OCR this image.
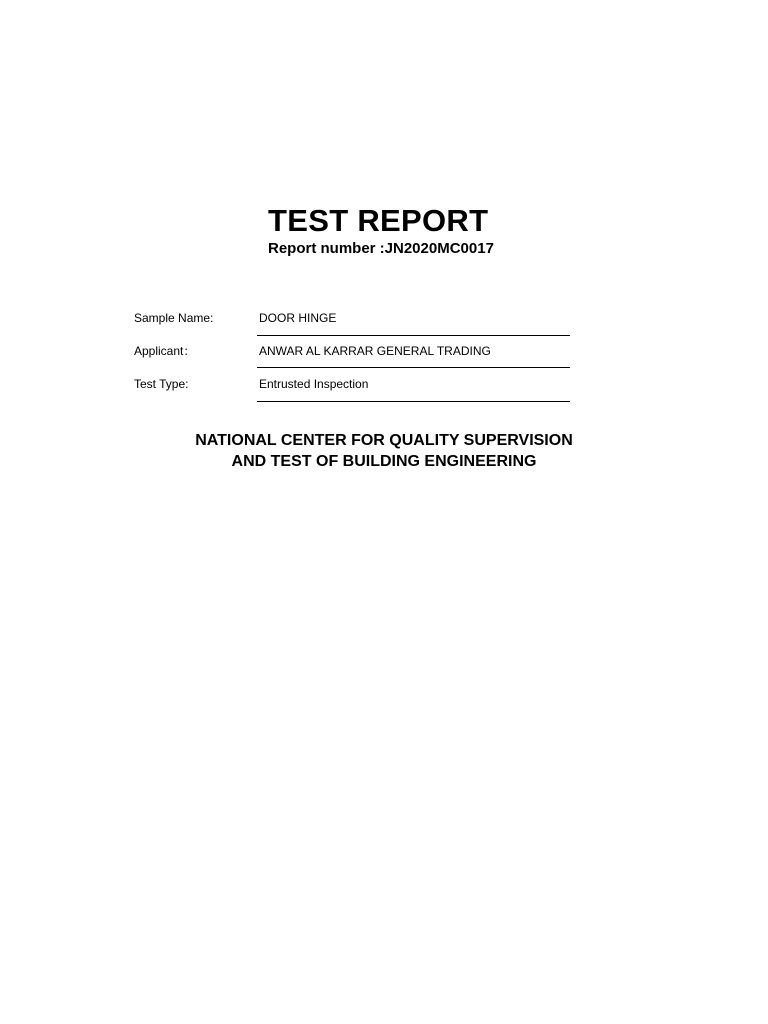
TEST REPORT
Report number :JN2020MC0017
Sample Name:	DOOR HINGE
Applicant：	ANWAR AL KARRAR GENERAL TRADING
Test Type:	Entrusted Inspection
NATIONAL CENTER FOR QUALITY SUPERVISION
AND TEST OF BUILDING ENGINEERING
